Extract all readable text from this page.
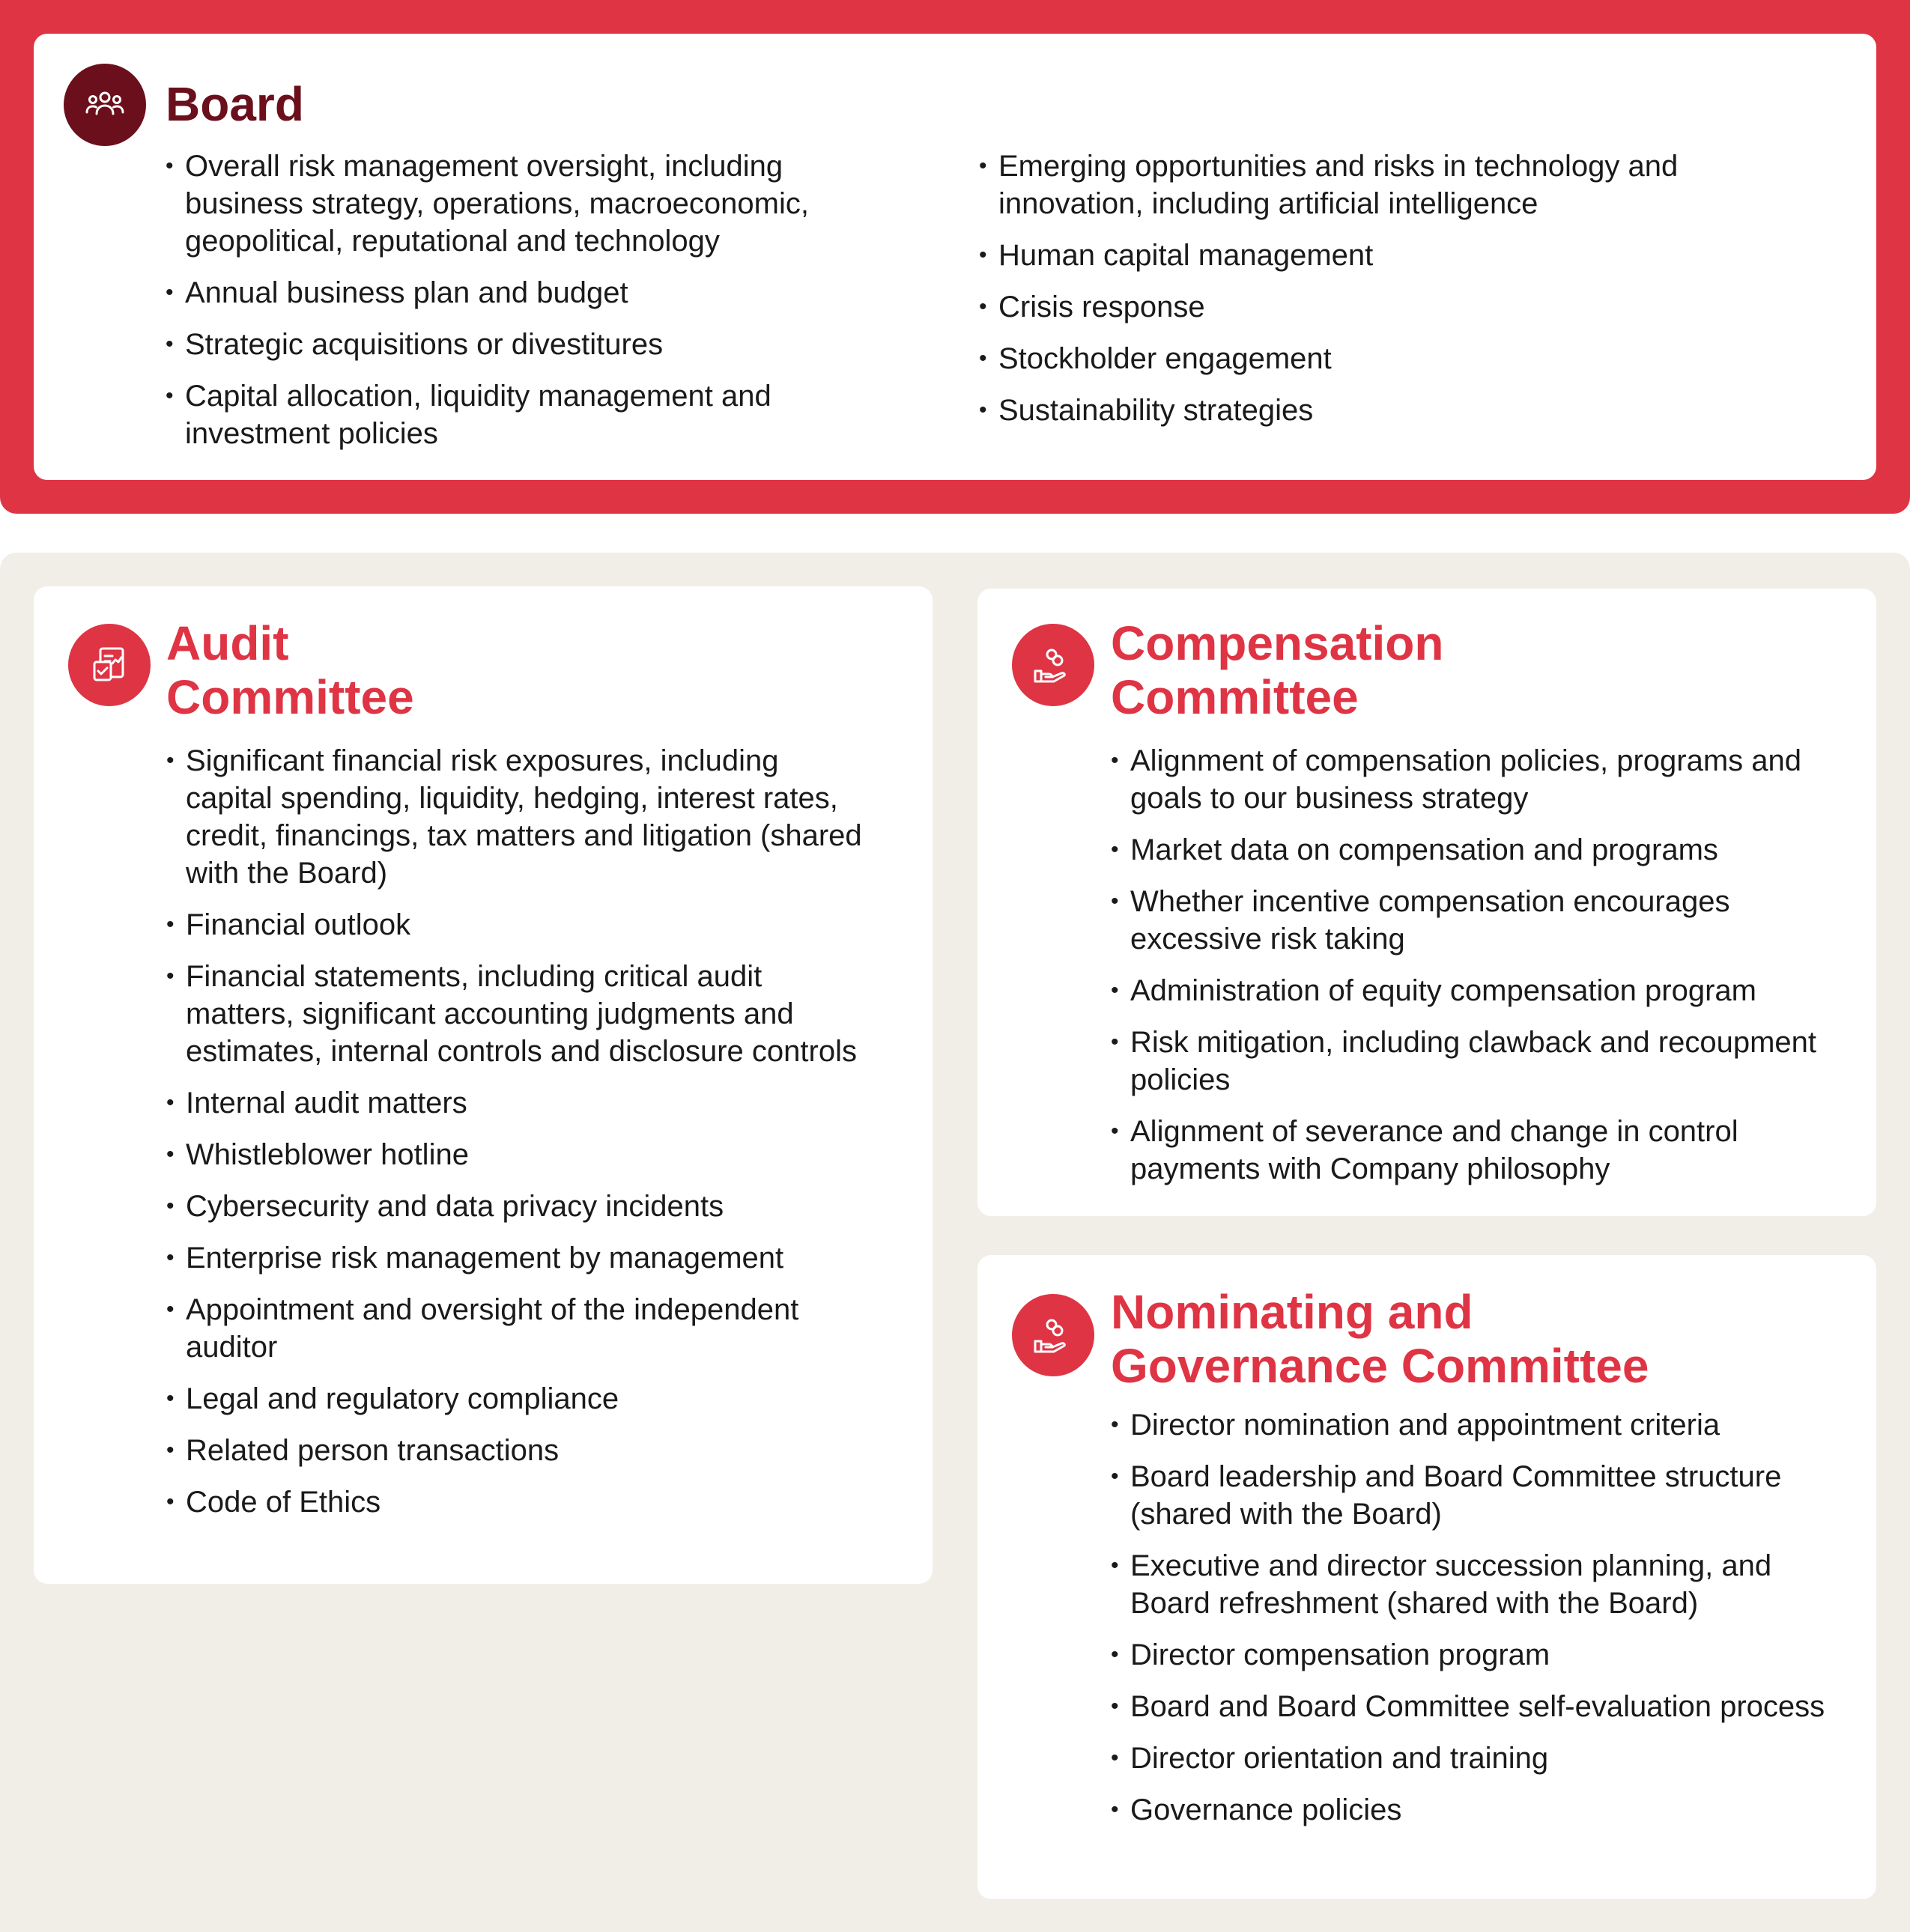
Board
• Overall risk management oversight, including business strategy, operations, macroeconomic, geopolitical, reputational and technology
• Annual business plan and budget
• Strategic acquisitions or divestitures
• Capital allocation, liquidity management and investment policies
• Emerging opportunities and risks in technology and innovation, including artificial intelligence
• Human capital management
• Crisis response
• Stockholder engagement
• Sustainability strategies
Audit
Committee
• Significant financial risk exposures, including capital spending, liquidity, hedging, interest rates, credit, financings, tax matters and litigation (shared with the Board)
• Financial outlook
• Financial statements, including critical audit matters, significant accounting judgments and estimates, internal controls and disclosure controls
• Internal audit matters
• Whistleblower hotline
• Cybersecurity and data privacy incidents
• Enterprise risk management by management
• Appointment and oversight of the independent auditor
• Legal and regulatory compliance
• Related person transactions
• Code of Ethics
Compensation
Committee
• Alignment of compensation policies, programs and goals to our business strategy
• Market data on compensation and programs
• Whether incentive compensation encourages excessive risk taking
• Administration of equity compensation program
• Risk mitigation, including clawback and recoupment policies
• Alignment of severance and change in control payments with Company philosophy
Nominating and
Governance Committee
• Director nomination and appointment criteria
• Board leadership and Board Committee structure (shared with the Board)
• Executive and director succession planning, and Board refreshment (shared with the Board)
• Director compensation program
• Board and Board Committee self-evaluation process
• Director orientation and training
• Governance policies
